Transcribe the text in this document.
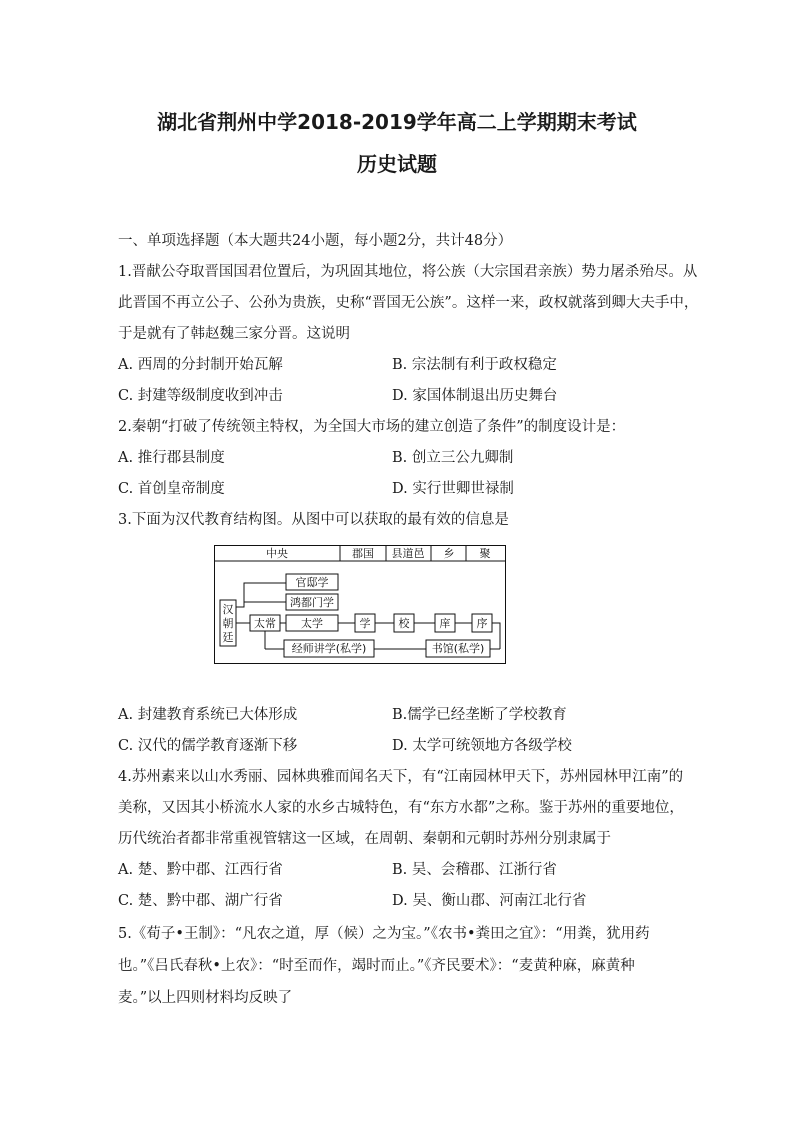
湖北省荆州中学2018-2019学年高二上学期期末考试
历史试题
一、单项选择题（本大题共24小题，每小题2分，共计48分）
1.晋献公夺取晋国国君位置后，为巩固其地位，将公族（大宗国君亲族）势力屠杀殆尽。从
此晋国不再立公子、公孙为贵族，史称“晋国无公族”。这样一来，政权就落到卿大夫手中，
于是就有了韩赵魏三家分晋。这说明
A. 西周的分封制开始瓦解	B. 宗法制有利于政权稳定
C. 封建等级制度收到冲击	D. 家国体制退出历史舞台
2.秦朝“打破了传统领主特权，为全国大市场的建立创造了条件”的制度设计是：
A. 推行郡县制度	B. 创立三公九卿制
C. 首创皇帝制度	D. 实行世卿世禄制
3.下面为汉代教育结构图。从图中可以获取的最有效的信息是
中央	郡国 县道邑 乡 聚
汉
朝
廷
官邸学
鸿都门学
太常 太学	学	校	庠 序
经师讲学(私学)	书馆(私学)
A. 封建教育系统已大体形成	B.儒学已经垄断了学校教育
C. 汉代的儒学教育逐渐下移	D. 太学可统领地方各级学校
4.苏州素来以山水秀丽、园林典雅而闻名天下，有“江南园林甲天下，苏州园林甲江南”的
美称，又因其小桥流水人家的水乡古城特色，有“东方水都”之称。鉴于苏州的重要地位，
历代统治者都非常重视管辖这一区域，在周朝、秦朝和元朝时苏州分别隶属于
A. 楚、黔中郡、江西行省	B. 吴、会稽郡、江浙行省
C. 楚、黔中郡、湖广行省	D. 吴、衡山郡、河南江北行省
5.《荀子•王制》：“凡农之道，厚（候）之为宝。”《农书•粪田之宜》：“用粪，犹用药
也。”《吕氏春秋•上农》：“时至而作，竭时而止。”《齐民要术》：“麦黄种麻，麻黄种
麦。”以上四则材料均反映了
